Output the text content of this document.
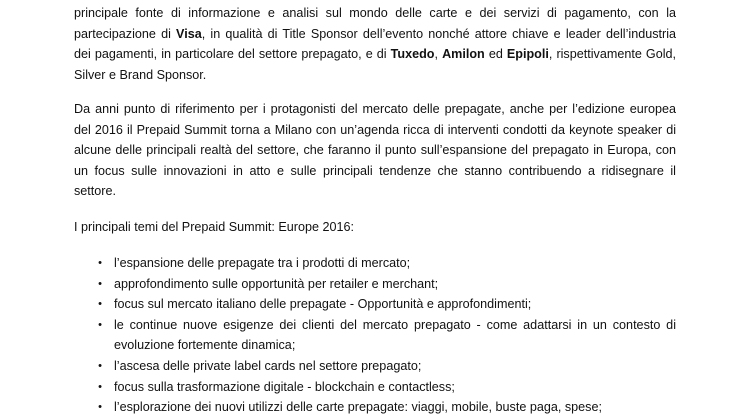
principale fonte di informazione e analisi sul mondo delle carte e dei servizi di pagamento, con la
partecipazione di Visa, in qualità di Title Sponsor dell’evento nonché attore chiave e leader dell’industria
dei pagamenti, in particolare del settore prepagato, e di Tuxedo, Amilon ed Epipoli, rispettivamente Gold,
Silver e Brand Sponsor.

Da anni punto di riferimento per i protagonisti del mercato delle prepagate, anche per l’edizione europea
del 2016 il Prepaid Summit torna a Milano con un’agenda ricca di interventi condotti da keynote speaker di
alcune delle principali realtà del settore, che faranno il punto sull’espansione del prepagato in Europa, con
un focus sulle innovazioni in atto e sulle principali tendenze che stanno contribuendo a ridisegnare il
settore.

I principali temi del Prepaid Summit: Europe 2016:

• l’espansione delle prepagate tra i prodotti di mercato;
• approfondimento sulle opportunità per retailer e merchant;
• focus sul mercato italiano delle prepagate - Opportunità e approfondimenti;
• le continue nuove esigenze dei clienti del mercato prepagato - come adattarsi in un contesto di
evoluzione fortemente dinamica;
• l’ascesa delle private label cards nel settore prepagato;
• focus sulla trasformazione digitale - blockchain e contactless;
• l’esplorazione dei nuovi utilizzi delle carte prepagate: viaggi, mobile, buste paga, spese;
